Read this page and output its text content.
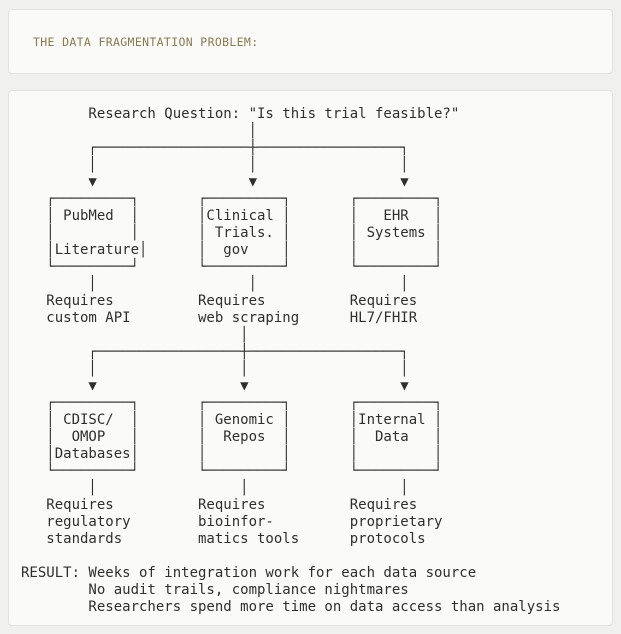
THE DATA FRAGMENTATION PROBLEM:
Research Question: "Is this trial feasible?"
│
┌──────────────────┼─────────────────┐
│                  │                 │
▼                  ▼                 ▼
┌─────────┐       ┌─────────┐       ┌─────────┐
│ PubMed  │       │Clinical │       │   EHR   │
│         │       │ Trials. │       │ Systems │
│Literature│      │  gov    │       │         │
└─────────┘       └─────────┘       └─────────┘
│                  │                 │
Requires          Requires          Requires
custom API        web scraping      HL7/FHIR
│
┌─────────────────┼──────────────────┐
│                 │                  │
▼                 ▼                  ▼
┌─────────┐       ┌─────────┐       ┌─────────┐
│ CDISC/  │       │ Genomic │       │Internal │
│  OMOP   │       │  Repos  │       │  Data   │
│Databases│       │         │       │         │
└─────────┘       └─────────┘       └─────────┘
│                 │                  │
Requires          Requires          Requires
regulatory        bioinfor-         proprietary
standards         matics tools      protocols
RESULT: Weeks of integration work for each data source
No audit trails, compliance nightmares
Researchers spend more time on data access than analysis
